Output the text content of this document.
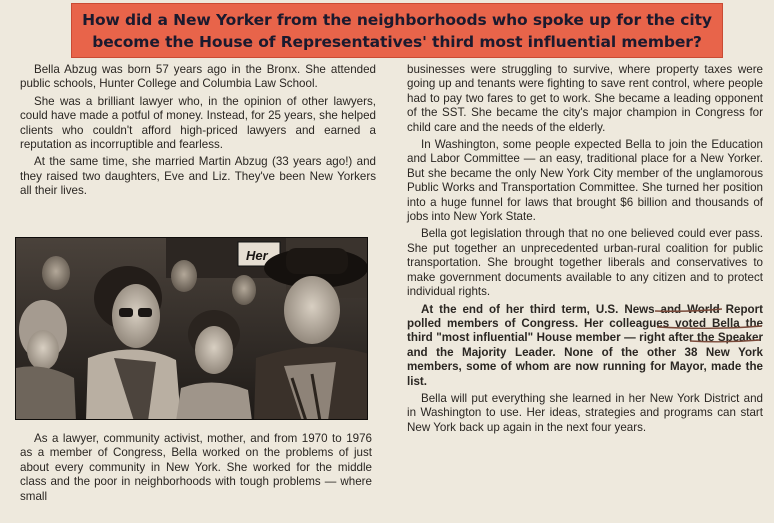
How did a New Yorker from the neighborhoods who spoke up for the city
become the House of Representatives' third most influential member?

Bella Abzug was born 57 years ago in the Bronx. She attended public schools, Hunter College and Columbia Law School.

She was a brilliant lawyer who, in the opinion of other lawyers, could have made a potful of money. Instead, for 25 years, she helped clients who couldn't afford high-priced lawyers and earned a reputation as incorruptible and fearless.

At the same time, she married Martin Abzug (33 years ago!) and they raised two daughters, Eve and Liz. They've been New Yorkers all their lives.

Her

As a lawyer, community activist, mother, and from 1970 to 1976 as a member of Congress, Bella worked on the problems of just about every community in New York. She worked for the middle class and the poor in neighborhoods with tough problems — where small

businesses were struggling to survive, where property taxes were going up and tenants were fighting to save rent control, where people had to pay two fares to get to work. She became a leading opponent of the SST. She became the city's major champion in Congress for child care and the needs of the elderly.

In Washington, some people expected Bella to join the Education and Labor Committee — an easy, traditional place for a New Yorker. But she became the only New York City member of the unglamorous Public Works and Transportation Committee. She turned her position into a huge funnel for laws that brought $6 billion and thousands of jobs into New York State.

Bella got legislation through that no one believed could ever pass. She put together an unprecedented urban-rural coalition for public transportation. She brought together liberals and conservatives to make government documents available to any citizen and to protect individual rights.

At the end of her third term, U.S. News and World Report polled members of Congress. Her colleagues voted Bella the third "most influential" House member — right after the Speaker and the Majority Leader. None of the other 38 New York members, some of whom are now running for Mayor, made the list.

Bella will put everything she learned in her New York District and in Washington to use. Her ideas, strategies and programs can start New York back up again in the next four years.
